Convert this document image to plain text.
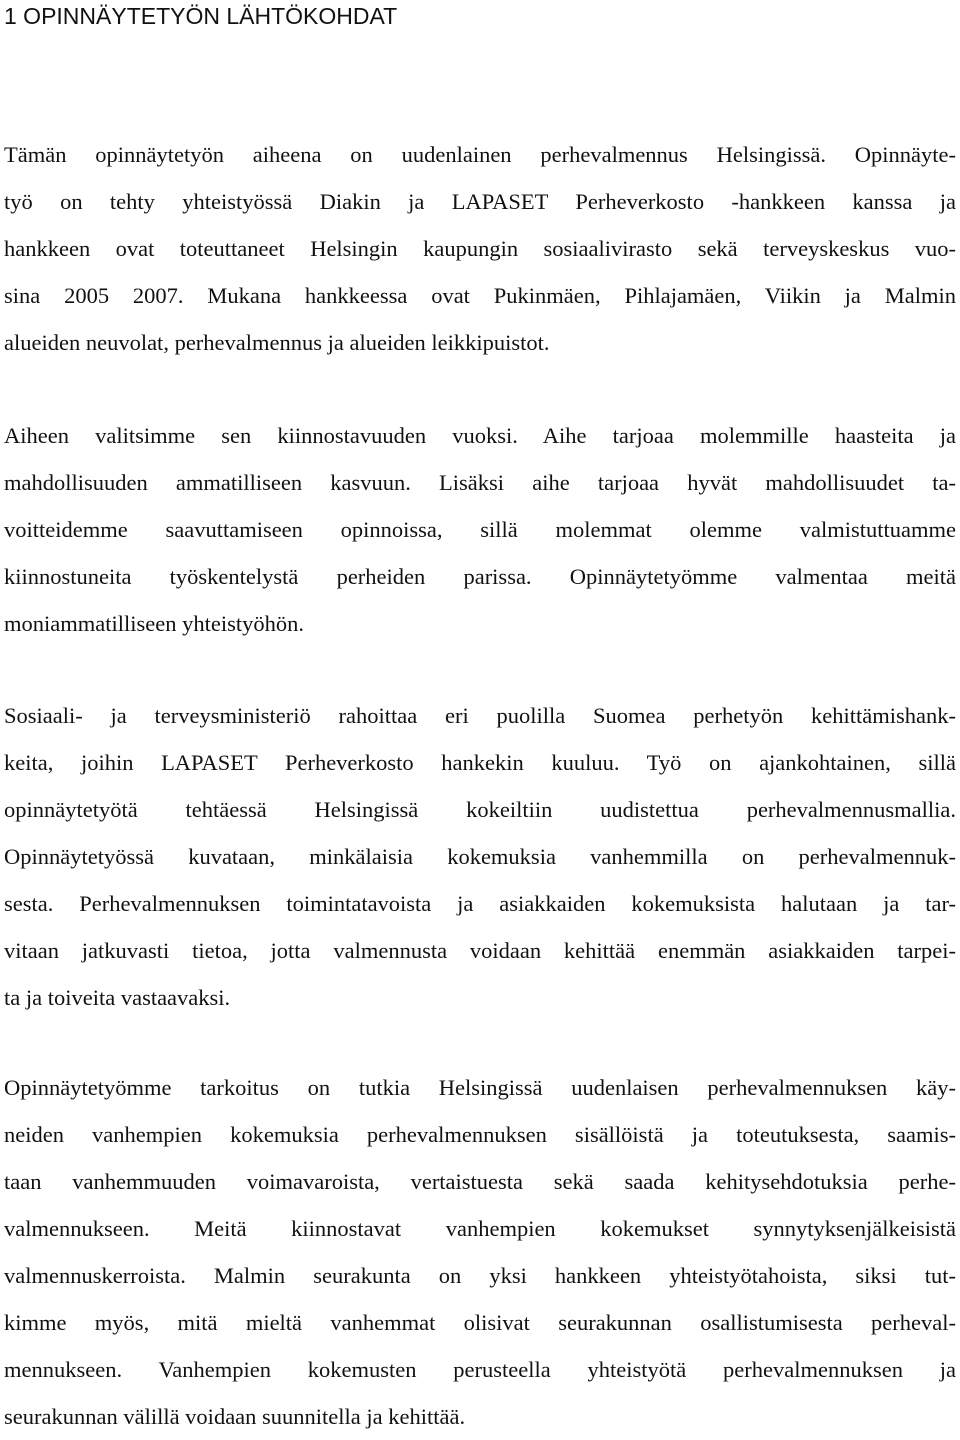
1 OPINNÄYTETYÖN LÄHTÖKOHDAT
Tämän opinnäytetyön aiheena on uudenlainen perhevalmennus Helsingissä. Opinnäyte-
työ on tehty yhteistyössä Diakin ja LAPASET Perheverkosto -hankkeen kanssa ja
hankkeen ovat toteuttaneet Helsingin kaupungin sosiaalivirasto sekä terveyskeskus vuo-
sina 2005 2007. Mukana hankkeessa ovat Pukinmäen, Pihlajamäen, Viikin ja Malmin
alueiden neuvolat, perhevalmennus ja alueiden leikkipuistot.
Aiheen valitsimme sen kiinnostavuuden vuoksi. Aihe tarjoaa molemmille haasteita ja
mahdollisuuden ammatilliseen kasvuun. Lisäksi aihe tarjoaa hyvät mahdollisuudet ta-
voitteidemme saavuttamiseen opinnoissa, sillä molemmat olemme valmistuttuamme
kiinnostuneita työskentelystä perheiden parissa. Opinnäytetyömme valmentaa meitä
moniammatilliseen yhteistyöhön.
Sosiaali- ja terveysministeriö rahoittaa eri puolilla Suomea perhetyön kehittämishank-
keita, joihin LAPASET Perheverkosto hankekin kuuluu. Työ on ajankohtainen, sillä
opinnäytetyötä tehtäessä Helsingissä kokeiltiin uudistettua perhevalmennusmallia.
Opinnäytetyössä kuvataan, minkälaisia kokemuksia vanhemmilla on perhevalmennuk-
sesta. Perhevalmennuksen toimintatavoista ja asiakkaiden kokemuksista halutaan ja tar-
vitaan jatkuvasti tietoa, jotta valmennusta voidaan kehittää enemmän asiakkaiden tarpei-
ta ja toiveita vastaavaksi.
Opinnäytetyömme tarkoitus on tutkia Helsingissä uudenlaisen perhevalmennuksen käy-
neiden vanhempien kokemuksia perhevalmennuksen sisällöistä ja toteutuksesta, saamis-
taan vanhemmuuden voimavaroista, vertaistuesta sekä saada kehitysehdotuksia perhe-
valmennukseen. Meitä kiinnostavat vanhempien kokemukset synnytyksenjälkeisistä
valmennuskerroista. Malmin seurakunta on yksi hankkeen yhteistyötahoista, siksi tut-
kimme myös, mitä mieltä vanhemmat olisivat seurakunnan osallistumisesta perheval-
mennukseen. Vanhempien kokemusten perusteella yhteistyötä perhevalmennuksen ja
seurakunnan välillä voidaan suunnitella ja kehittää.
